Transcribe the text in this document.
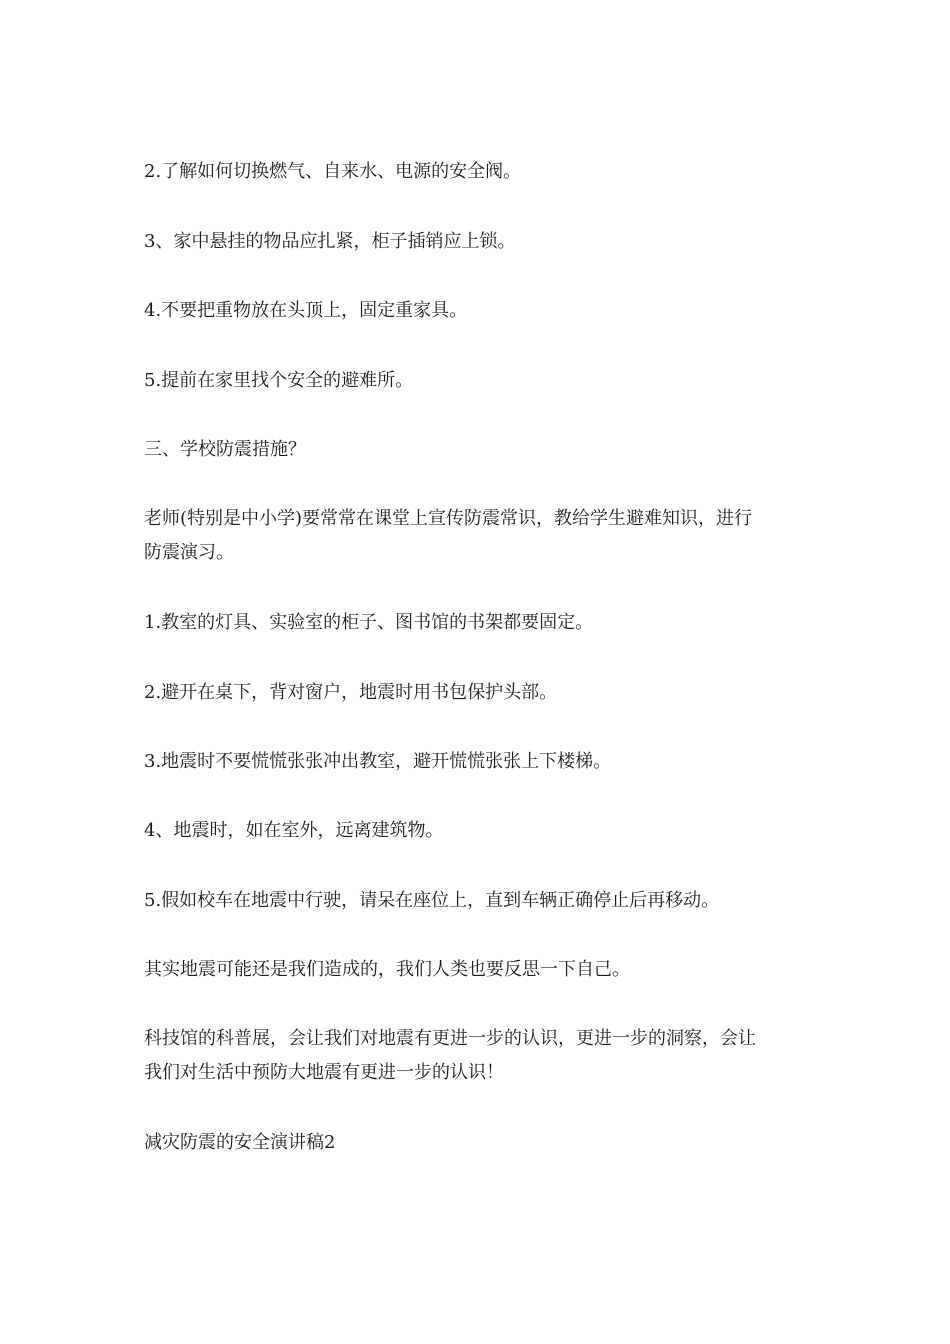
2.了解如何切换燃气、自来水、电源的安全阀。

3、家中悬挂的物品应扎紧，柜子插销应上锁。

4.不要把重物放在头顶上，固定重家具。

5.提前在家里找个安全的避难所。

三、学校防震措施？

老师(特别是中小学)要常常在课堂上宣传防震常识，教给学生避难知识，进行
防震演习。

1.教室的灯具、实验室的柜子、图书馆的书架都要固定。

2.避开在桌下，背对窗户，地震时用书包保护头部。

3.地震时不要慌慌张张冲出教室，避开慌慌张张上下楼梯。

4、地震时，如在室外，远离建筑物。

5.假如校车在地震中行驶，请呆在座位上，直到车辆正确停止后再移动。

其实地震可能还是我们造成的，我们人类也要反思一下自己。

科技馆的科普展，会让我们对地震有更进一步的认识，更进一步的洞察，会让
我们对生活中预防大地震有更进一步的认识！

减灾防震的安全演讲稿2
